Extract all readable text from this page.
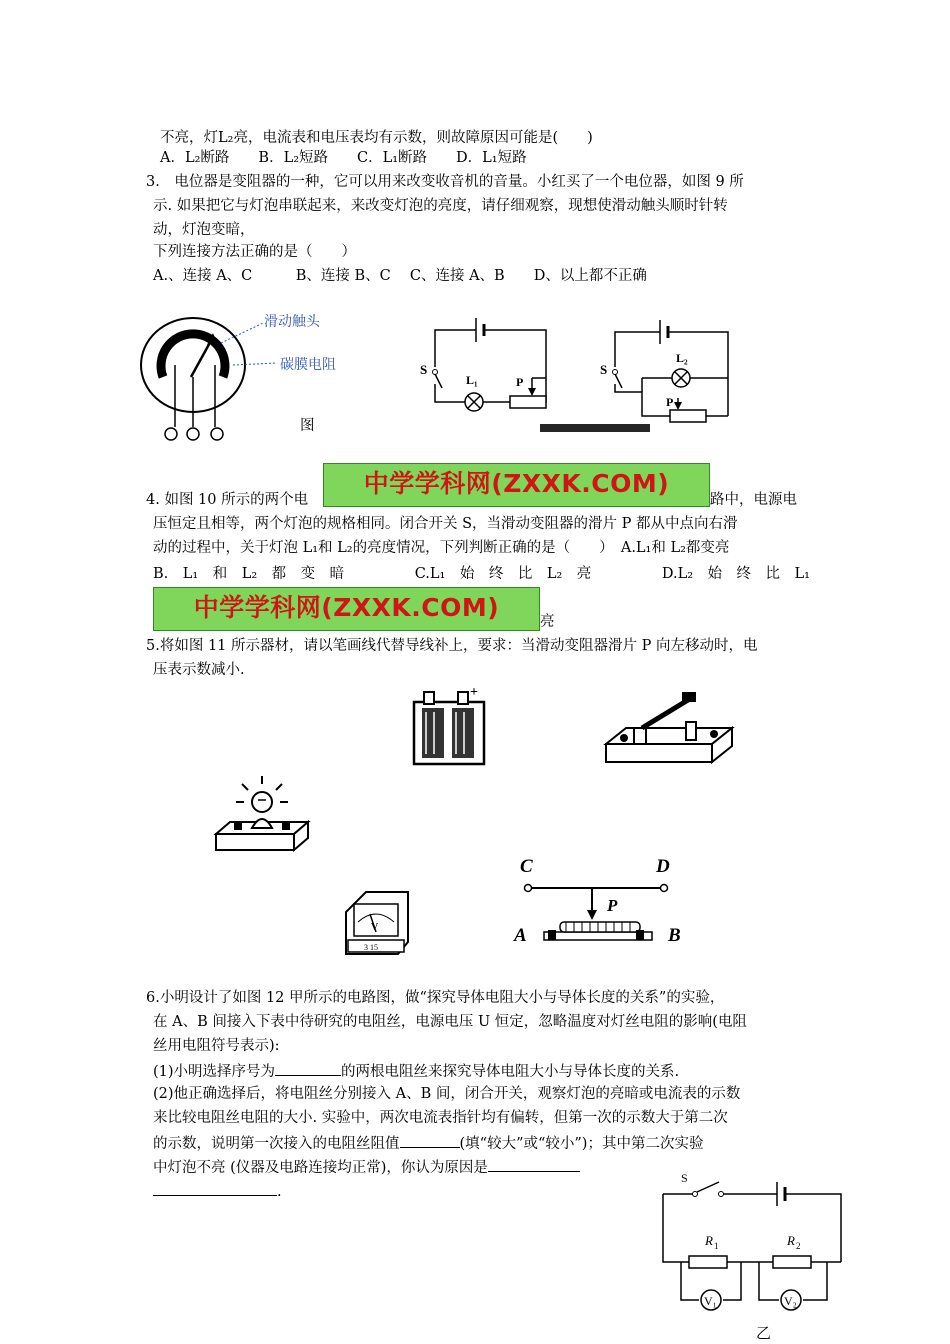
不亮，灯L₂亮，电流表和电压表均有示数，则故障原因可能是(　　)
A．L₂断路　　B．L₂短路　　C．L₁断路　　D．L₁短路
3.　电位器是变阻器的一种，它可以用来改变收音机的音量。小红买了一个电位器，如图 9 所
示. 如果把它与灯泡串联起来，来改变灯泡的亮度，请仔细观察，现想使滑动触头顺时针转
动，灯泡变暗，
下列连接方法正确的是（　　）
A.、连接 A、C　　　B、连接 B、C　 C、连接 A、B　　D、以上都不正确
滑动触头
碳膜电阻
图
S
L₁	P
S
L₂
P
4. 如图 10 所示的两个电
中学学科网(ZXXK.COM)
路中，电源电
压恒定且相等，两个灯泡的规格相同。闭合开关 S，当滑动变阻器的滑片 P 都从中点向右滑
动的过程中，关于灯泡 L₁和 L₂的亮度情况，下列判断正确的是（　　）　A.L₁和 L₂都变亮
B.　L₁　和　L₂　都　变　暗	C.L₁　始　终　比　L₂　亮	D.L₂　始　终　比　L₁
中学学科网(ZXXK.COM)	亮
5.将如图 11 所示器材，请以笔画线代替导线补上，要求：当滑动变阻器滑片 P 向左移动时，电
压表示数减小.
+
C	D
P
A	B
V
3 15
6.小明设计了如图 12 甲所示的电路图，做“探究导体电阻大小与导体长度的关系”的实验，
在 A、B 间接入下表中待研究的电阻丝，电源电压 U 恒定，忽略温度对灯丝电阻的影响(电阻
丝用电阻符号表示):
(1)小明选择序号为	的两根电阻丝来探究导体电阻大小与导体长度的关系.
(2)他正确选择后，将电阻丝分别接入 A、B 间，闭合开关，观察灯泡的亮暗或电流表的示数
来比较电阻丝电阻的大小. 实验中，两次电流表指针均有偏转，但第一次的示数大于第二次
的示数，说明第一次接入的电阻丝阻值	(填“较大”或“较小”)；其中第二次实验
中灯泡不亮 (仪器及电路连接均正常)，你认为原因是
.
S
R 1	R 2
V₁	V₂
乙
